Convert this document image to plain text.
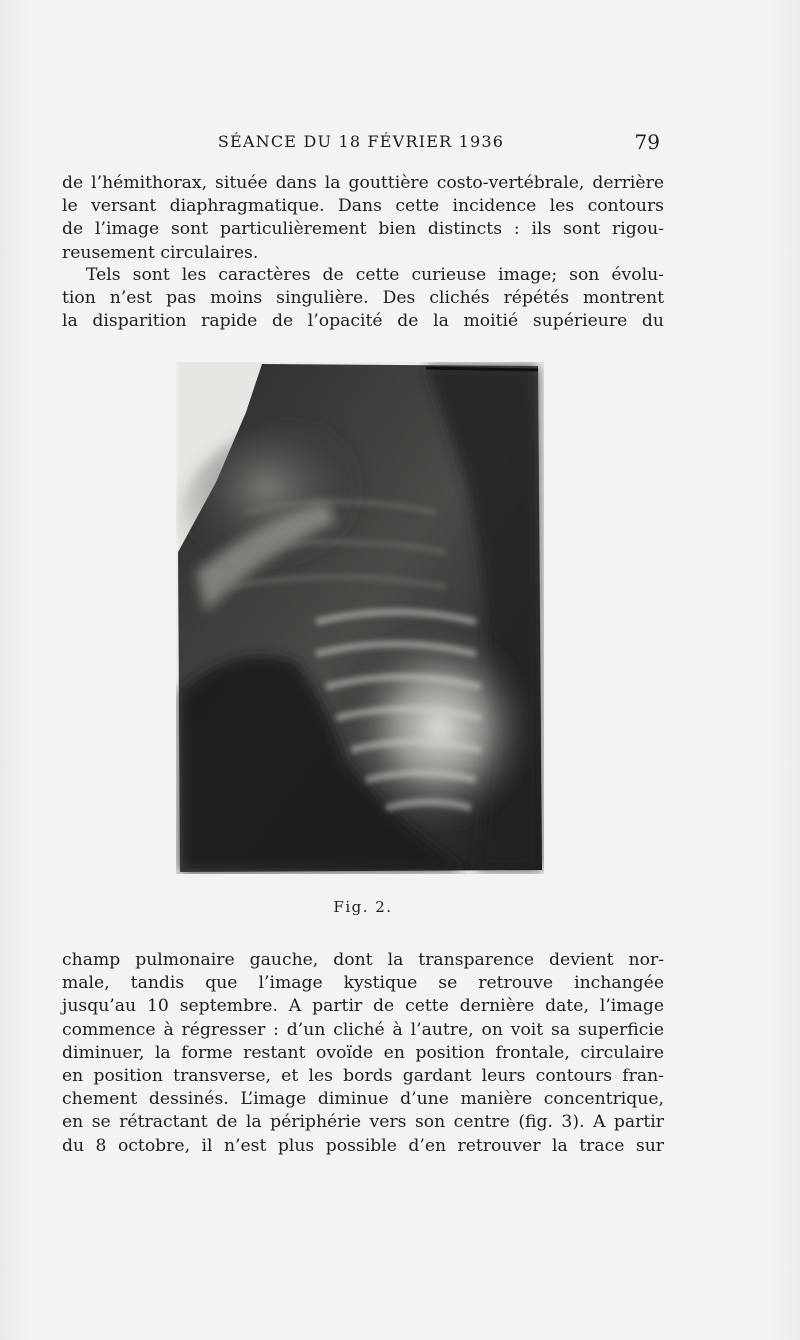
SÉANCE DU 18 FÉVRIER 1936	79
de l’hémithorax, située dans la gouttière costo-vertébrale, derrière
le versant diaphragmatique. Dans cette incidence les contours
de l’image sont particulièrement bien distincts : ils sont rigou-
reusement circulaires.
Tels sont les caractères de cette curieuse image; son évolu-
tion n’est pas moins singulière. Des clichés répétés montrent
la disparition rapide de l’opacité de la moitié supérieure du
Fig. 2.
champ pulmonaire gauche, dont la transparence devient nor-
male, tandis que l’image kystique se retrouve inchangée
jusqu’au 10 septembre. A partir de cette dernière date, l’image
commence à régresser : d’un cliché à l’autre, on voit sa superficie
diminuer, la forme restant ovoïde en position frontale, circulaire
en position transverse, et les bords gardant leurs contours fran-
chement dessinés. L’image diminue d’une manière concentrique,
en se rétractant de la périphérie vers son centre (fig. 3). A partir
du 8 octobre, il n’est plus possible d’en retrouver la trace sur
